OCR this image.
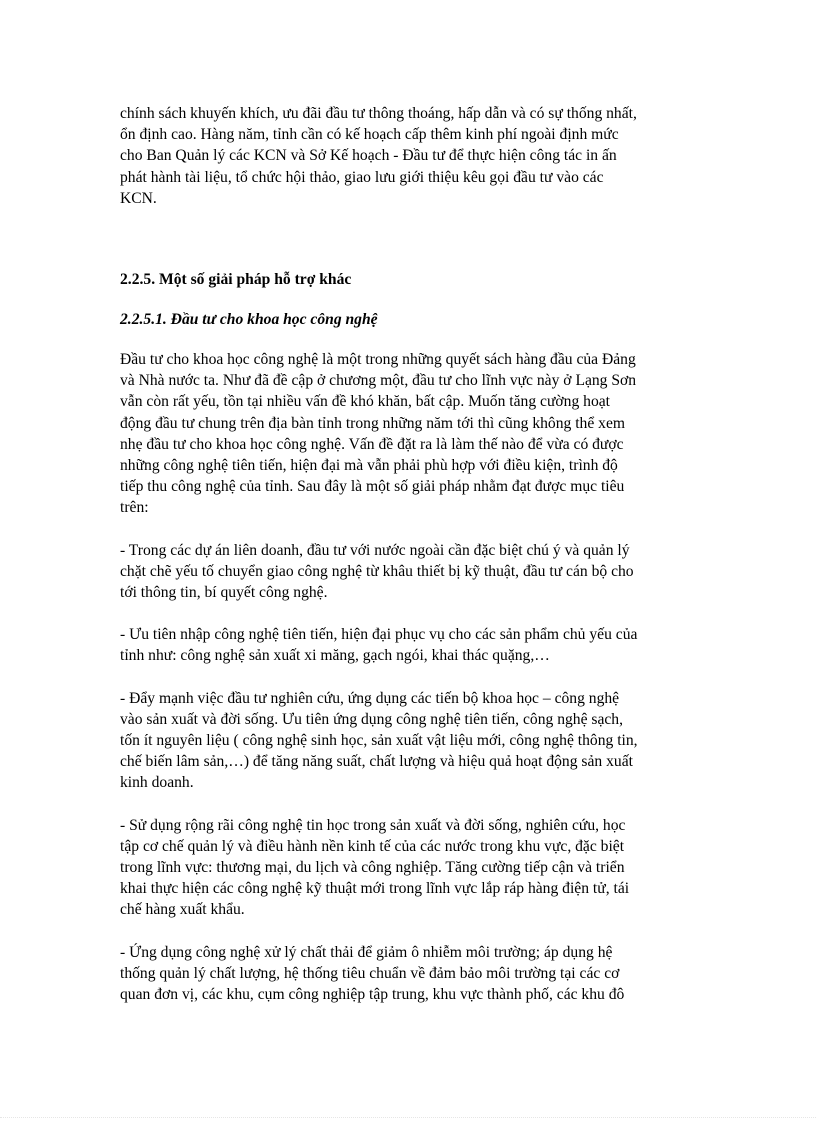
chính sách khuyến khích, ưu đãi đầu tư thông thoáng, hấp dẫn và có sự thống nhất,
ổn định cao. Hàng năm, tỉnh cần có kế hoạch cấp thêm kinh phí ngoài định mức
cho Ban Quản lý các KCN và Sở Kế hoạch - Đầu tư để thực hiện công tác in ấn
phát hành tài liệu, tổ chức hội thảo, giao lưu giới thiệu kêu gọi đầu tư vào các
KCN.

2.2.5. Một số giải pháp hỗ trợ khác
2.2.5.1. Đầu tư cho khoa học công nghệ

Đầu tư cho khoa học công nghệ là một trong những quyết sách hàng đầu của Đảng
và Nhà nước ta. Như đã đề cập ở chương một, đầu tư cho lĩnh vực này ở Lạng Sơn
vẫn còn rất yếu, tồn tại nhiều vấn đề khó khăn, bất cập. Muốn tăng cường hoạt
động đầu tư chung trên địa bàn tỉnh trong những năm tới thì cũng không thể xem
nhẹ đầu tư cho khoa học công nghệ. Vấn đề đặt ra là làm thế nào để vừa có được
những công nghệ tiên tiến, hiện đại mà vẫn phải phù hợp với điều kiện, trình độ
tiếp thu công nghệ của tỉnh. Sau đây là một số giải pháp nhằm đạt được mục tiêu
trên:

- Trong các dự án liên doanh, đầu tư với nước ngoài cần đặc biệt chú ý và quản lý
chặt chẽ yếu tố chuyển giao công nghệ từ khâu thiết bị kỹ thuật, đầu tư cán bộ cho
tới thông tin, bí quyết công nghệ.

- Ưu tiên nhập công nghệ tiên tiến, hiện đại phục vụ cho các sản phẩm chủ yếu của
tỉnh như: công nghệ sản xuất xi măng, gạch ngói, khai thác quặng,…

- Đẩy mạnh việc đầu tư nghiên cứu, ứng dụng các tiến bộ khoa học – công nghệ
vào sản xuất và đời sống. Ưu tiên ứng dụng công nghệ tiên tiến, công nghệ sạch,
tốn ít nguyên liệu ( công nghệ sinh học, sản xuất vật liệu mới, công nghệ thông tin,
chế biến lâm sản,…) để tăng năng suất, chất lượng và hiệu quả hoạt động sản xuất
kinh doanh.

- Sử dụng rộng rãi công nghệ tin học trong sản xuất và đời sống, nghiên cứu, học
tập cơ chế quản lý và điều hành nền kinh tế của các nước trong khu vực, đặc biệt
trong lĩnh vực: thương mại, du lịch và công nghiệp. Tăng cường tiếp cận và triển
khai thực hiện các công nghệ kỹ thuật mới trong lĩnh vực lắp ráp hàng điện tử, tái
chế hàng xuất khẩu.

- Ứng dụng công nghệ xử lý chất thải để giảm ô nhiễm môi trường; áp dụng hệ
thống quản lý chất lượng, hệ thống tiêu chuẩn về đảm bảo môi trường tại các cơ
quan đơn vị, các khu, cụm công nghiệp tập trung, khu vực thành phố, các khu đô
